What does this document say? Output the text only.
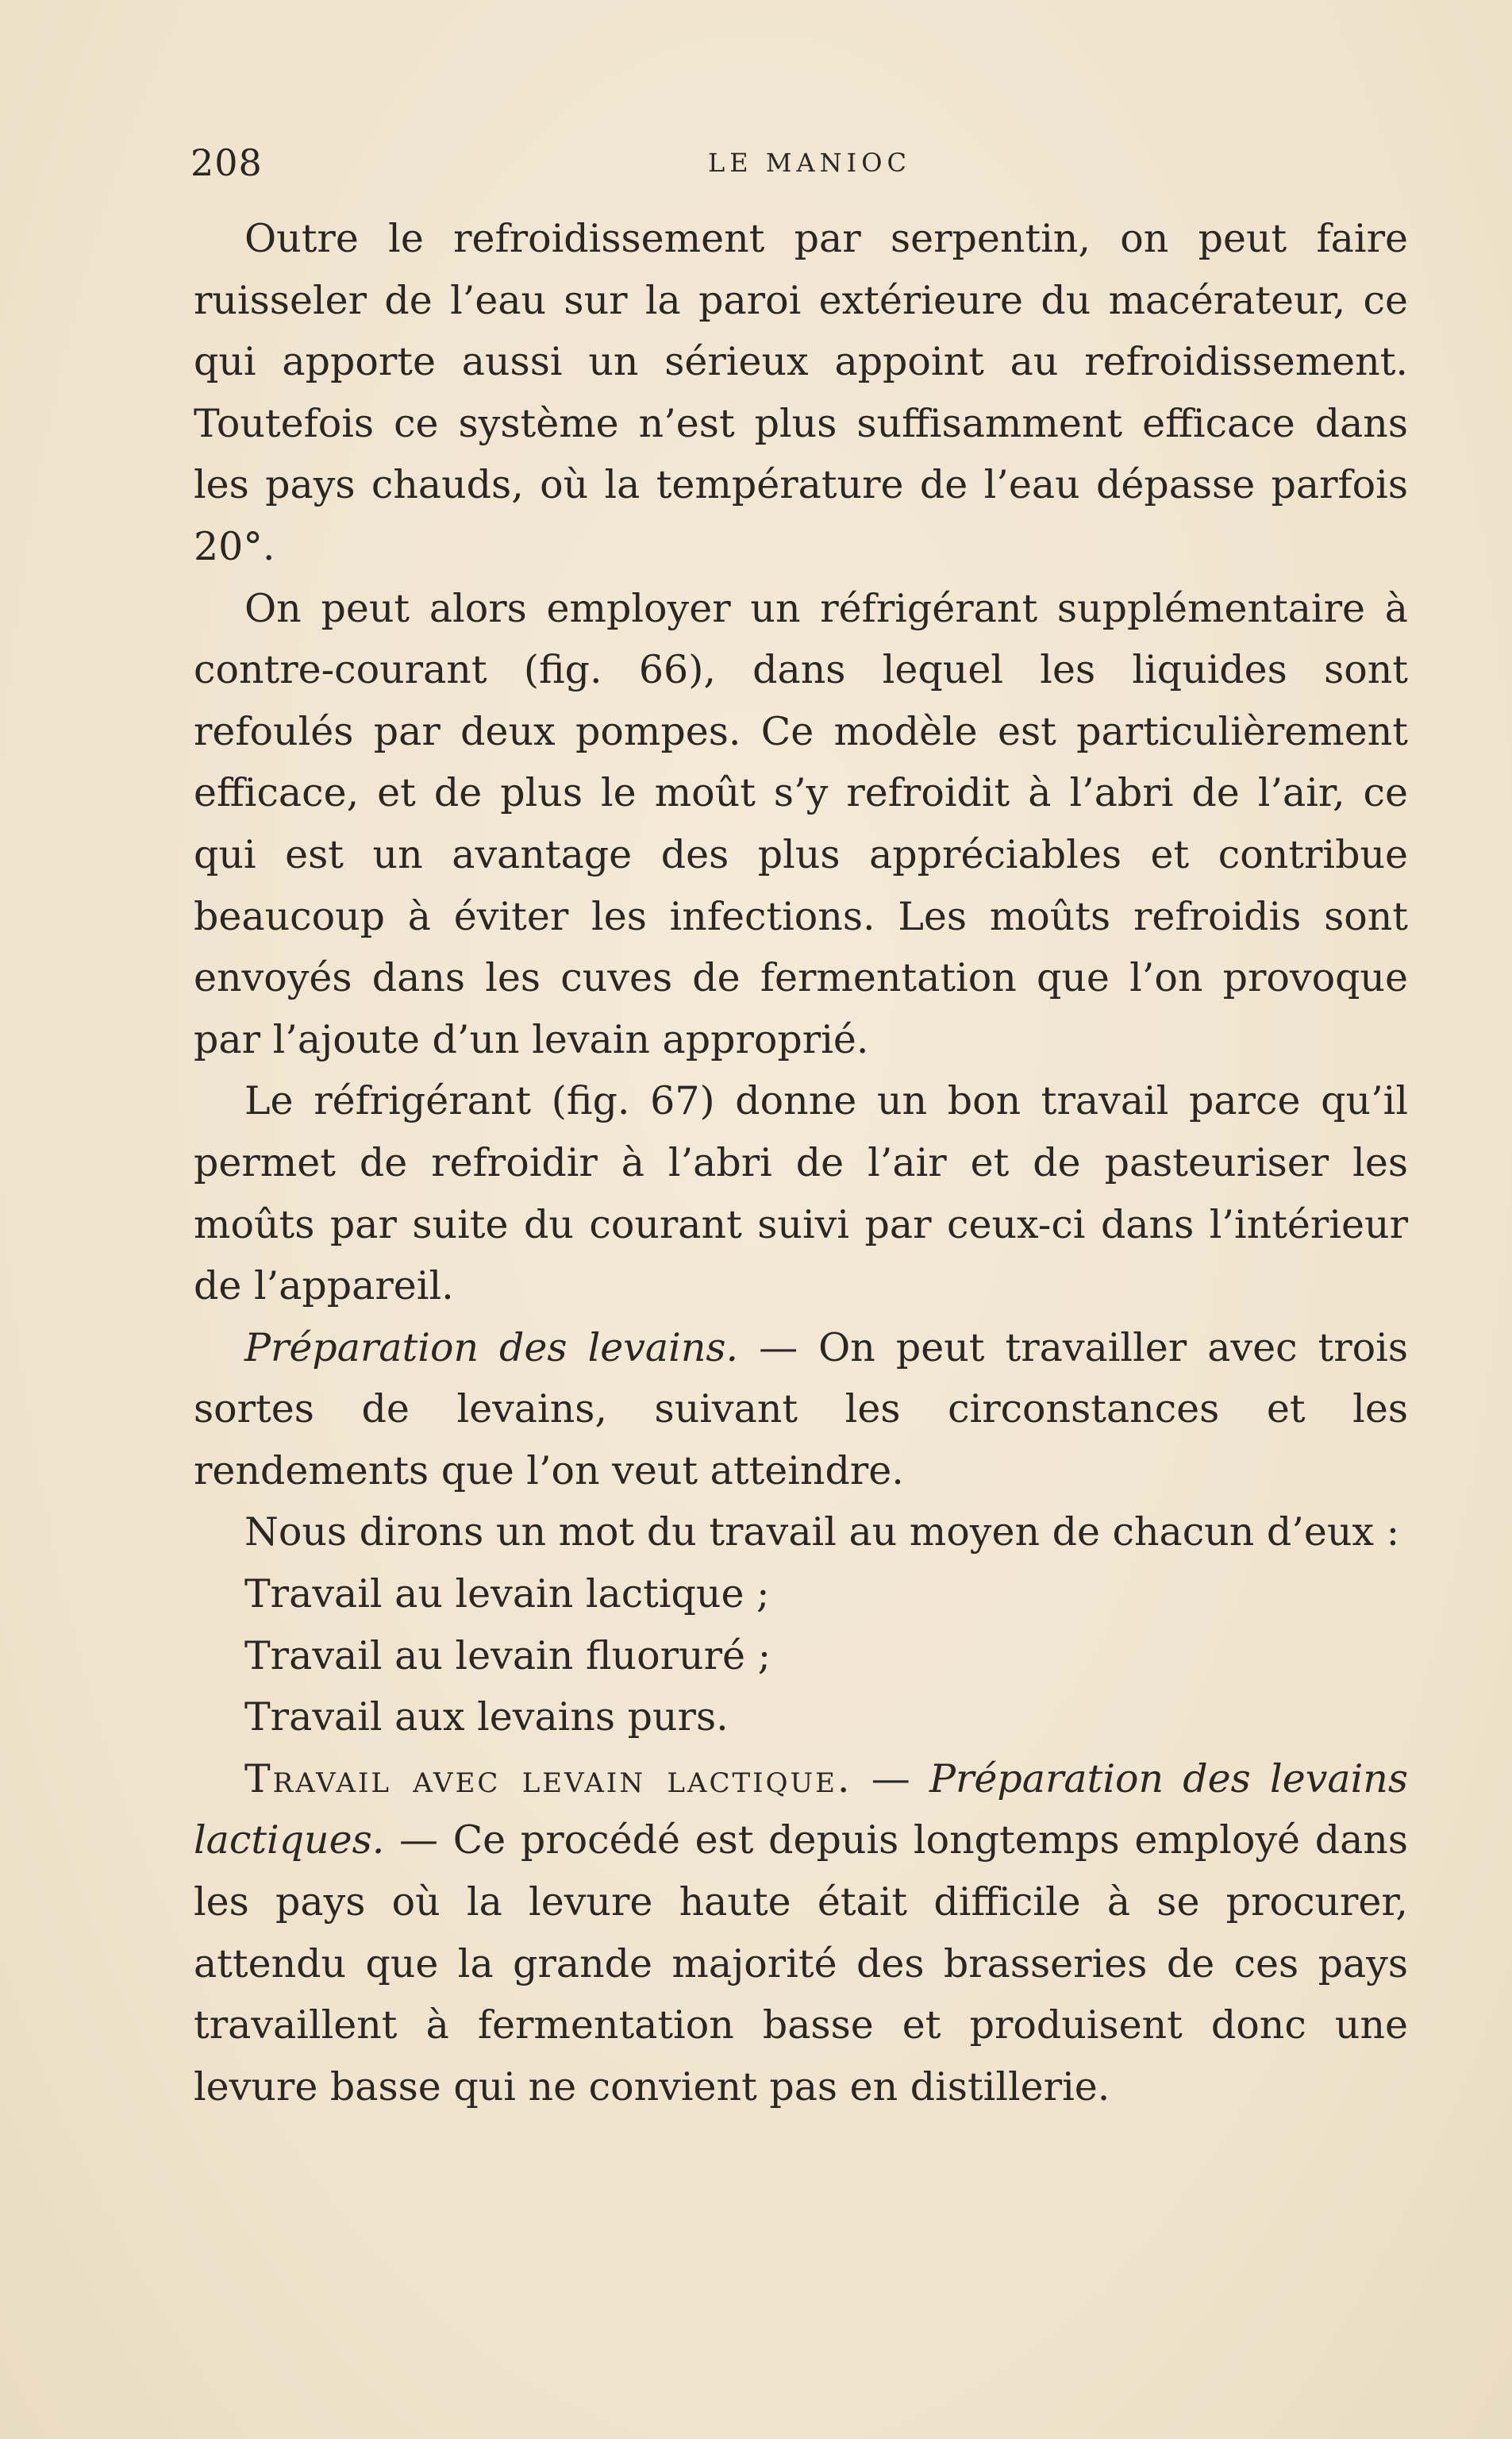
208	LE MANIOC

Outre le refroidissement par serpentin, on peut faire ruisseler de l’eau sur la paroi extérieure du macérateur, ce qui apporte aussi un sérieux appoint au refroidissement. Toutefois ce système n’est plus suffisamment efficace dans les pays chauds, où la température de l’eau dépasse parfois 20°.

On peut alors employer un réfrigérant supplémentaire à contre-courant (fig. 66), dans lequel les liquides sont refoulés par deux pompes. Ce modèle est particulièrement efficace, et de plus le moût s’y refroidit à l’abri de l’air, ce qui est un avantage des plus appréciables et contribue beaucoup à éviter les infections. Les moûts refroidis sont envoyés dans les cuves de fermentation que l’on provoque par l’ajoute d’un levain approprié.

Le réfrigérant (fig. 67) donne un bon travail parce qu’il permet de refroidir à l’abri de l’air et de pasteuriser les moûts par suite du courant suivi par ceux-ci dans l’intérieur de l’appareil.

Préparation des levains. — On peut travailler avec trois sortes de levains, suivant les circonstances et les rendements que l’on veut atteindre.

Nous dirons un mot du travail au moyen de chacun d’eux :

Travail au levain lactique ;

Travail au levain fluoruré ;

Travail aux levains purs.

Travail avec levain lactique. — Préparation des levains lactiques. — Ce procédé est depuis longtemps employé dans les pays où la levure haute était difficile à se procurer, attendu que la grande majorité des brasseries de ces pays travaillent à fermentation basse et produisent donc une levure basse qui ne convient pas en distillerie.
